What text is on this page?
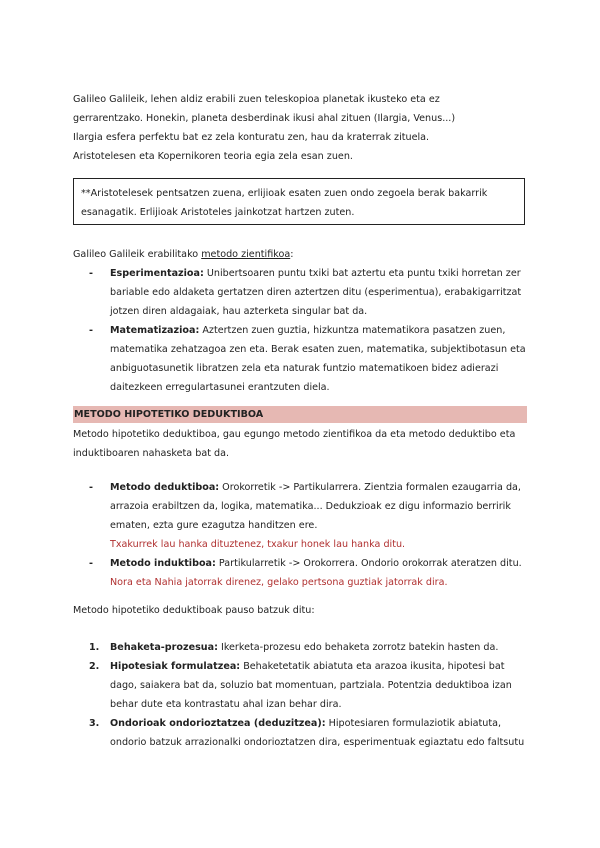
Galileo Galileik, lehen aldiz erabili zuen teleskopioa planetak ikusteko eta ez
gerrarentzako. Honekin, planeta desberdinak ikusi ahal zituen (Ilargia, Venus...)
Ilargia esfera perfektu bat ez zela konturatu zen, hau da kraterrak zituela.
Aristotelesen eta Kopernikoren teoria egia zela esan zuen.

**Aristotelesek pentsatzen zuena, erlijioak esaten zuen ondo zegoela berak bakarrik
esanagatik. Erlijioak Aristoteles jainkotzat hartzen zuten.

Galileo Galileik erabilitako metodo zientifikoa:

- Esperimentazioa: Unibertsoaren puntu txiki bat aztertu eta puntu txiki horretan zer
bariable edo aldaketa gertatzen diren aztertzen ditu (esperimentua), erabakigarritzat
jotzen diren aldagaiak, hau azterketa singular bat da.
- Matematizazioa: Aztertzen zuen guztia, hizkuntza matematikora pasatzen zuen,
matematika zehatzagoa zen eta. Berak esaten zuen, matematika, subjektibotasun eta
anbiguotasunetik libratzen zela eta naturak funtzio matematikoen bidez adierazi
daitezkeen erregulartasunei erantzuten diela.
METODO HIPOTETIKO DEDUKTIBOA

Metodo hipotetiko deduktiboa, gau egungo metodo zientifikoa da eta metodo deduktibo eta
induktiboaren nahasketa bat da.

- Metodo deduktiboa: Orokorretik -> Partikularrera. Zientzia formalen ezaugarria da,
arrazoia erabiltzen da, logika, matematika... Dedukzioak ez digu informazio berririk
ematen, ezta gure ezagutza handitzen ere.
Txakurrek lau hanka dituztenez, txakur honek lau hanka ditu.
- Metodo induktiboa: Partikularretik -> Orokorrera. Ondorio orokorrak ateratzen ditu.
Nora eta Nahia jatorrak direnez, gelako pertsona guztiak jatorrak dira.

Metodo hipotetiko deduktiboak pauso batzuk ditu:

1. Behaketa-prozesua: Ikerketa-prozesu edo behaketa zorrotz batekin hasten da.
2. Hipotesiak formulatzea: Behaketetatik abiatuta eta arazoa ikusita, hipotesi bat
dago, saiakera bat da, soluzio bat momentuan, partziala. Potentzia deduktiboa izan
behar dute eta kontrastatu ahal izan behar dira.
3. Ondorioak ondorioztatzea (deduzitzea): Hipotesiaren formulaziotik abiatuta,
ondorio batzuk arrazionalki ondorioztatzen dira, esperimentuak egiaztatu edo faltsutu
